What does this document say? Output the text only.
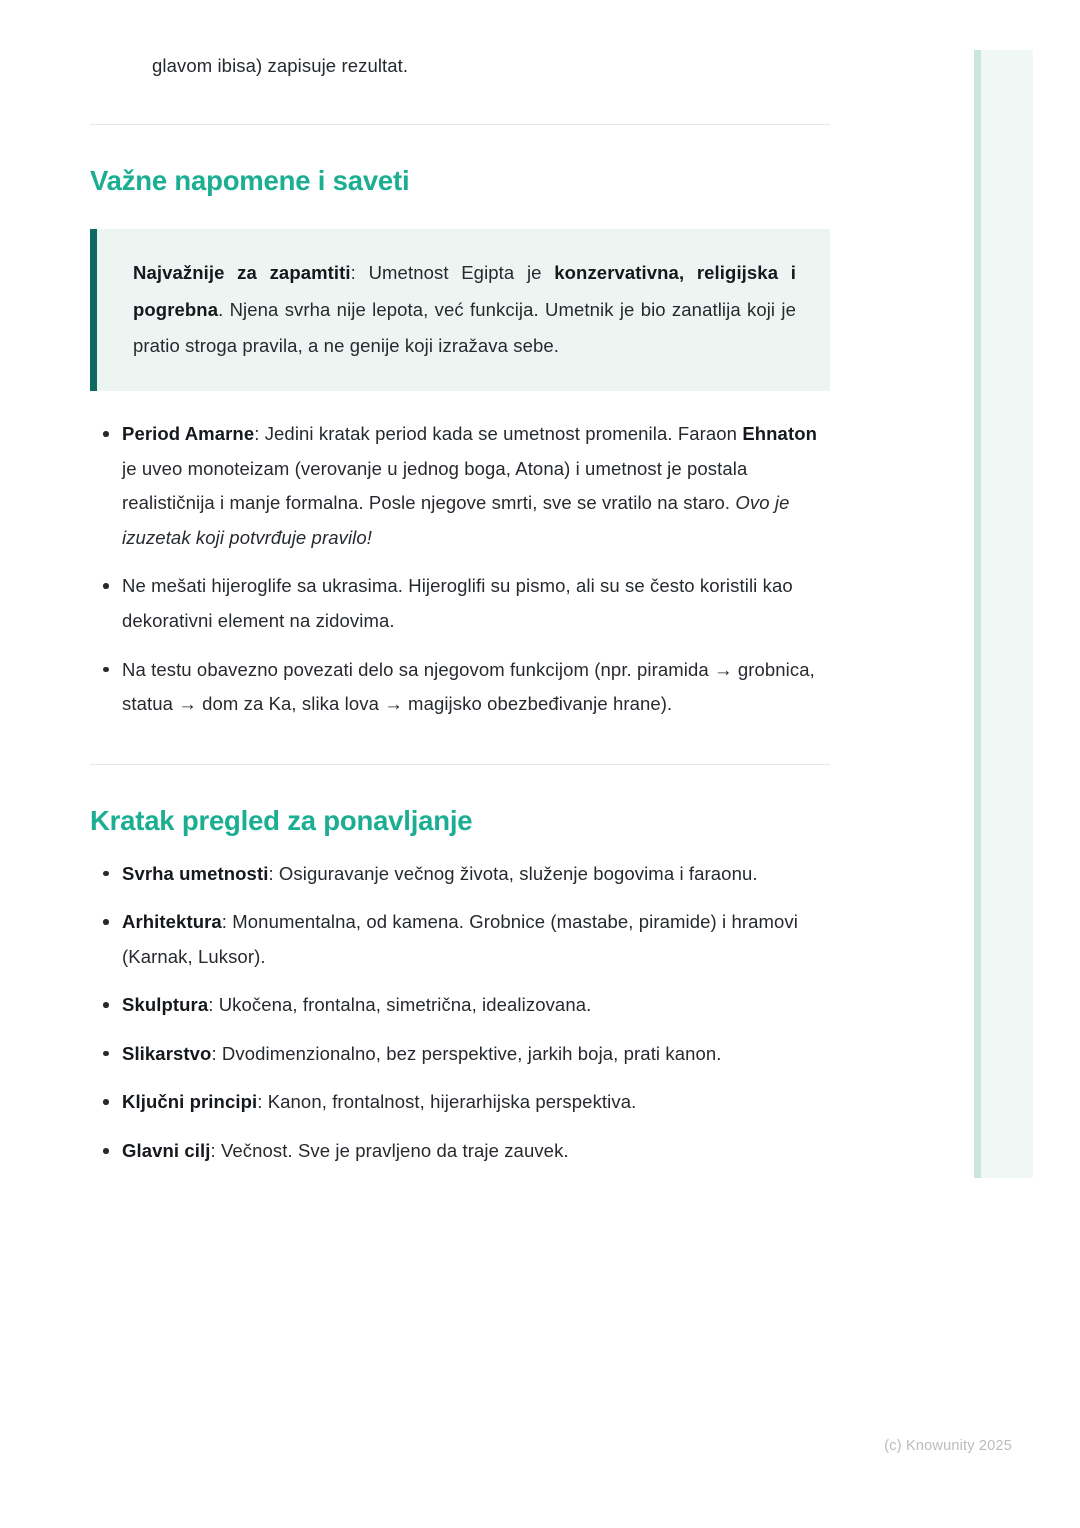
glavom ibisa) zapisuje rezultat.

Važne napomene i saveti

Najvažnije za zapamtiti: Umetnost Egipta je konzervativna, religijska i pogrebna. Njena svrha nije lepota, već funkcija. Umetnik je bio zanatlija koji je pratio stroga pravila, a ne genije koji izražava sebe.

Period Amarne: Jedini kratak period kada se umetnost promenila. Faraon Ehnaton je uveo monoteizam (verovanje u jednog boga, Atona) i umetnost je postala realističnija i manje formalna. Posle njegove smrti, sve se vratilo na staro. Ovo je izuzetak koji potvrđuje pravilo!
Ne mešati hijeroglife sa ukrasima. Hijeroglifi su pismo, ali su se često koristili kao dekorativni element na zidovima.
Na testu obavezno povezati delo sa njegovom funkcijom (npr. piramida → grobnica, statua → dom za Ka, slika lova → magijsko obezbeđivanje hrane).
Kratak pregled za ponavljanje
Svrha umetnosti: Osiguravanje večnog života, služenje bogovima i faraonu.
Arhitektura: Monumentalna, od kamena. Grobnice (mastabe, piramide) i hramovi (Karnak, Luksor).
Skulptura: Ukočena, frontalna, simetrična, idealizovana.
Slikarstvo: Dvodimenzionalno, bez perspektive, jarkih boja, prati kanon.
Ključni principi: Kanon, frontalnost, hijerarhijska perspektiva.
Glavni cilj: Večnost. Sve je pravljeno da traje zauvek.
(c) Knowunity 2025
